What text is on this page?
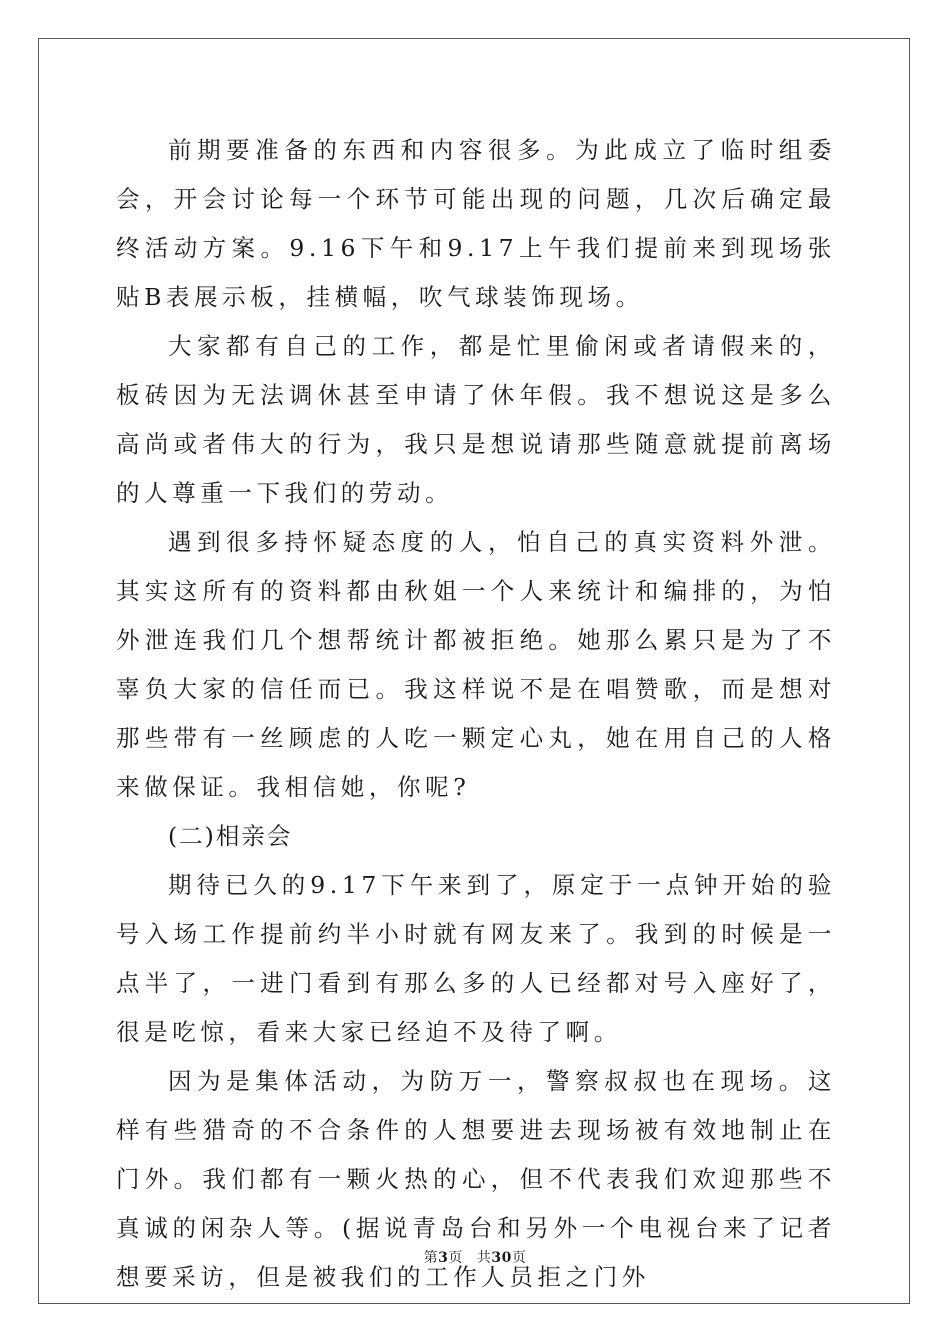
前期要准备的东西和内容很多。为此成立了临时组委会，开会讨论每一个环节可能出现的问题，几次后确定最终活动方案。9.16下午和9.17上午我们提前来到现场张贴B表展示板，挂横幅，吹气球装饰现场。

大家都有自己的工作，都是忙里偷闲或者请假来的，板砖因为无法调休甚至申请了休年假。我不想说这是多么高尚或者伟大的行为，我只是想说请那些随意就提前离场的人尊重一下我们的劳动。

遇到很多持怀疑态度的人，怕自己的真实资料外泄。其实这所有的资料都由秋姐一个人来统计和编排的，为怕外泄连我们几个想帮统计都被拒绝。她那么累只是为了不辜负大家的信任而已。我这样说不是在唱赞歌，而是想对那些带有一丝顾虑的人吃一颗定心丸，她在用自己的人格来做保证。我相信她，你呢?

(二)相亲会

期待已久的9.17下午来到了，原定于一点钟开始的验号入场工作提前约半小时就有网友来了。我到的时候是一点半了，一进门看到有那么多的人已经都对号入座好了，很是吃惊，看来大家已经迫不及待了啊。

因为是集体活动，为防万一，警察叔叔也在现场。这样有些猎奇的不合条件的人想要进去现场被有效地制止在门外。我们都有一颗火热的心，但不代表我们欢迎那些不真诚的闲杂人等。(据说青岛台和另外一个电视台来了记者想要采访，但是被我们的工作人员拒之门外

第3页 共30页
